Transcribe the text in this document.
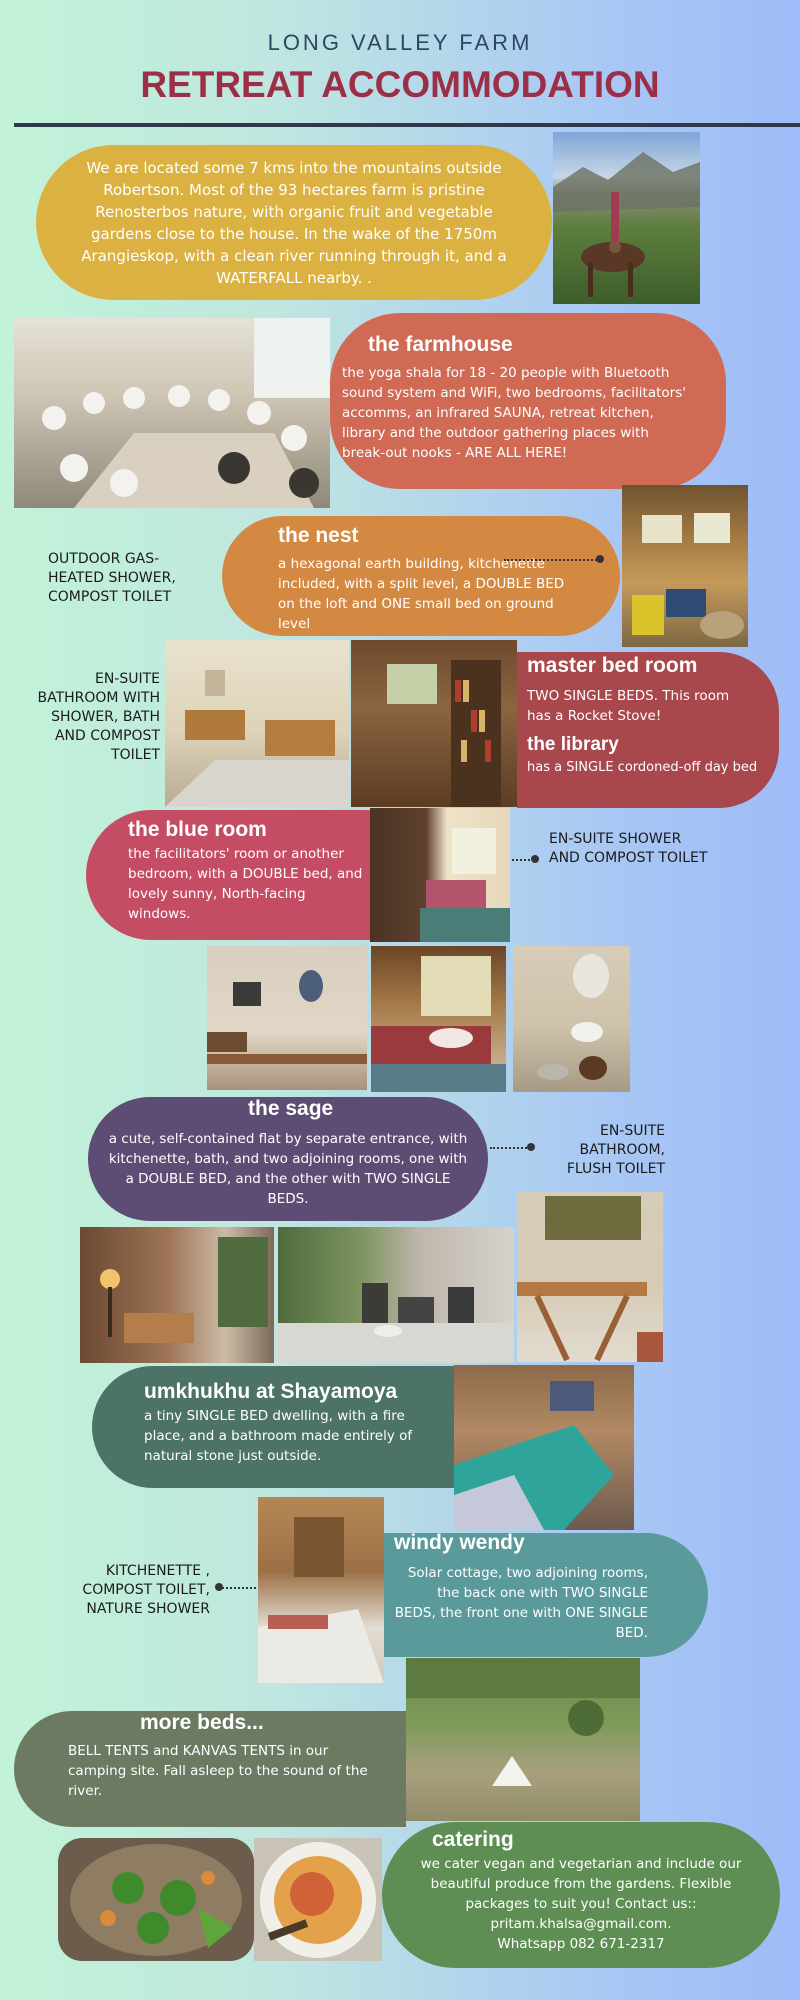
LONG VALLEY FARM
RETREAT ACCOMMODATION
We are located some 7 kms into the mountains outside Robertson. Most of the 93 hectares farm is pristine Renosterbos nature, with organic fruit and vegetable gardens close to the house. In the wake of the 1750m Arangieskop, with a clean river running through it, and a WATERFALL nearby. .
the farmhouse
the yoga shala for 18 - 20 people with Bluetooth sound system and WiFi, two bedrooms, facilitators' accomms, an infrared SAUNA, retreat kitchen, library and the outdoor gathering places with break-out nooks - ARE ALL HERE!
OUTDOOR GAS-HEATED SHOWER, COMPOST TOILET
the nest
a hexagonal earth building, kitchenette included, with a split level, a DOUBLE BED on the loft and ONE small bed on ground level
EN-SUITE BATHROOM WITH SHOWER, BATH AND COMPOST TOILET
master bed room
TWO SINGLE BEDS. This room has a Rocket Stove!
the library
has a SINGLE cordoned-off day bed
the blue room
the facilitators' room or another bedroom, with a DOUBLE bed, and lovely sunny, North-facing windows.
EN-SUITE SHOWER AND COMPOST TOILET
the sage
a cute, self-contained flat by separate entrance, with kitchenette, bath, and two adjoining rooms, one with a DOUBLE BED, and the other with TWO SINGLE BEDS.
EN-SUITE BATHROOM, FLUSH TOILET
umkhukhu at Shayamoya
a tiny SINGLE BED dwelling, with a fire place, and a bathroom made entirely of natural stone just outside.
KITCHENETTE , COMPOST TOILET, NATURE SHOWER
windy wendy
Solar cottage, two adjoining rooms, the back one with TWO SINGLE BEDS, the front one with ONE SINGLE BED.
more beds...
BELL TENTS and KANVAS TENTS in our camping site. Fall asleep to the sound of the river.
catering
we cater vegan and vegetarian and include our beautiful produce from the gardens. Flexible packages to suit you! Contact us::
pritam.khalsa@gmail.com.
Whatsapp 082 671-2317
